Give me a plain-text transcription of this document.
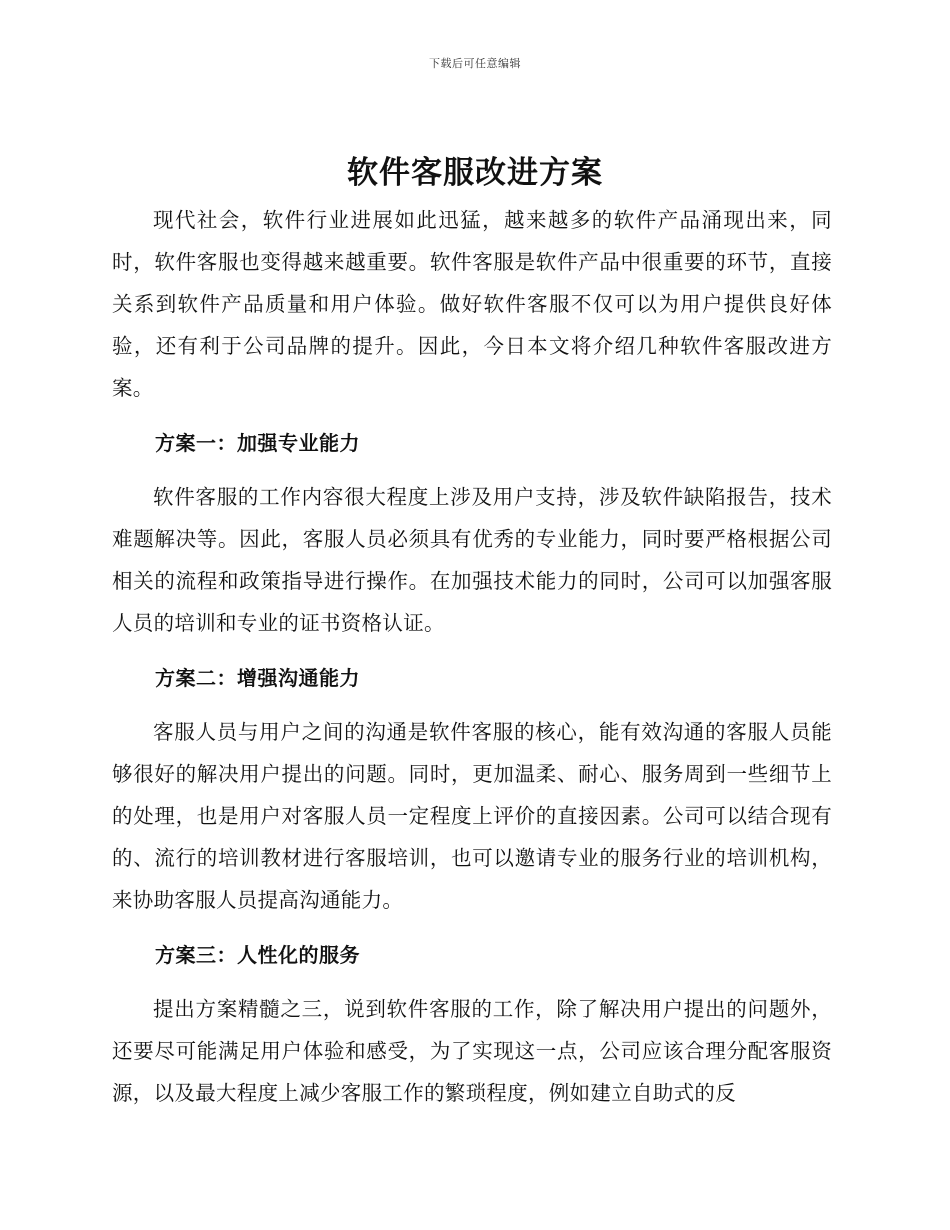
下载后可任意编辑
软件客服改进方案

现代社会，软件行业进展如此迅猛，越来越多的软件产品涌现出来，同时，软件客服也变得越来越重要。软件客服是软件产品中很重要的环节，直接关系到软件产品质量和用户体验。做好软件客服不仅可以为用户提供良好体验，还有利于公司品牌的提升。因此，今日本文将介绍几种软件客服改进方案。

方案一：加强专业能力

软件客服的工作内容很大程度上涉及用户支持，涉及软件缺陷报告，技术难题解决等。因此，客服人员必须具有优秀的专业能力，同时要严格根据公司相关的流程和政策指导进行操作。在加强技术能力的同时，公司可以加强客服人员的培训和专业的证书资格认证。

方案二：增强沟通能力

客服人员与用户之间的沟通是软件客服的核心，能有效沟通的客服人员能够很好的解决用户提出的问题。同时，更加温柔、耐心、服务周到一些细节上的处理，也是用户对客服人员一定程度上评价的直接因素。公司可以结合现有的、流行的培训教材进行客服培训，也可以邀请专业的服务行业的培训机构，来协助客服人员提高沟通能力。

方案三：人性化的服务

提出方案精髓之三，说到软件客服的工作，除了解决用户提出的问题外，还要尽可能满足用户体验和感受，为了实现这一点，公司应该合理分配客服资源，以及最大程度上减少客服工作的繁琐程度，例如建立自助式的反
